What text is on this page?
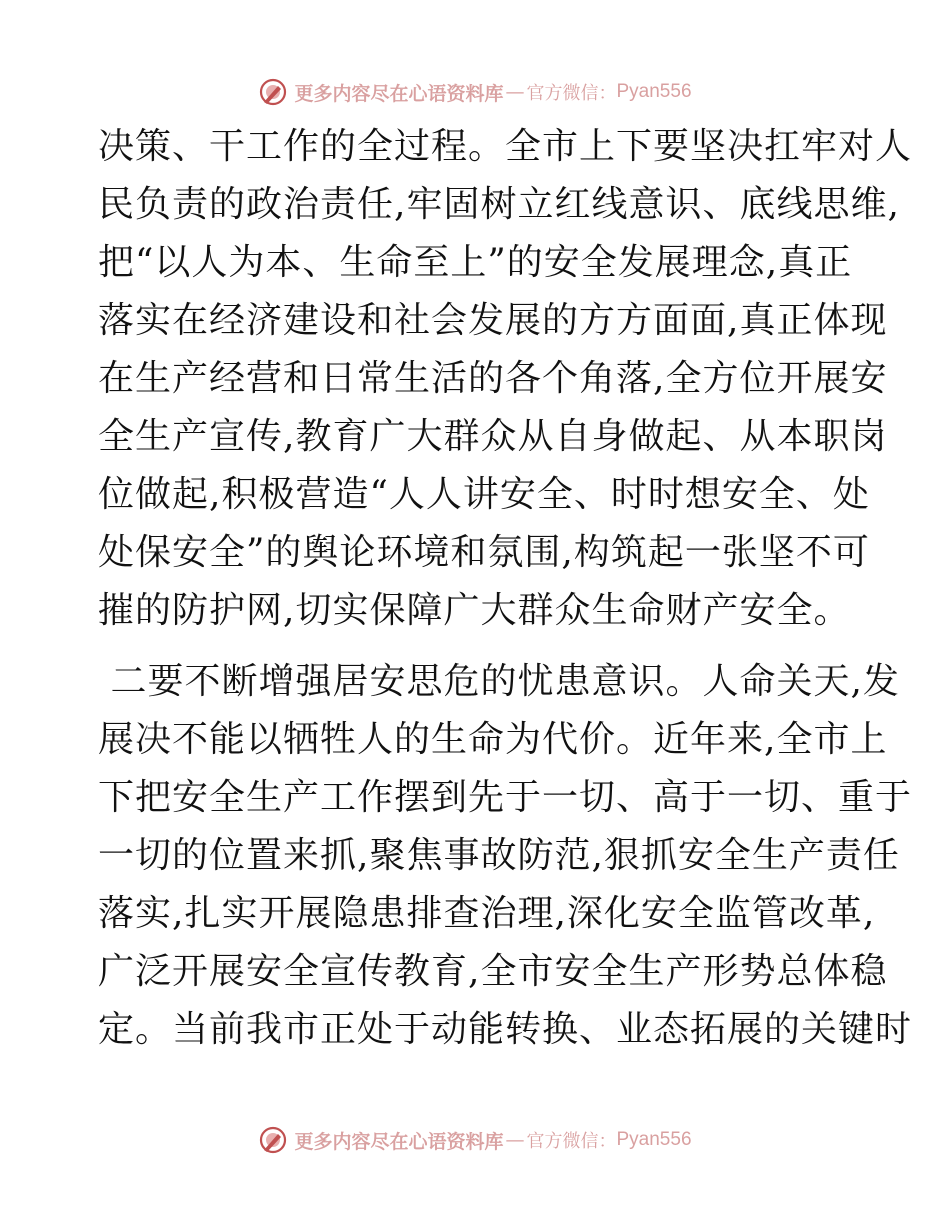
更多内容尽在心语资料库 — 官方微信： Pyan556
决策、干工作的全过程。全市上下要坚决扛牢对人
民负责的政治责任,牢固树立红线意识、底线思维,
把“以人为本、生命至上”的安全发展理念,真正
落实在经济建设和社会发展的方方面面,真正体现
在生产经营和日常生活的各个角落,全方位开展安
全生产宣传,教育广大群众从自身做起、从本职岗
位做起,积极营造“人人讲安全、时时想安全、处
处保安全”的舆论环境和氛围,构筑起一张坚不可
摧的防护网,切实保障广大群众生命财产安全。
二要不断增强居安思危的忧患意识。人命关天,发
展决不能以牺牲人的生命为代价。近年来,全市上
下把安全生产工作摆到先于一切、高于一切、重于
一切的位置来抓,聚焦事故防范,狠抓安全生产责任
落实,扎实开展隐患排查治理,深化安全监管改革,
广泛开展安全宣传教育,全市安全生产形势总体稳
定。当前我市正处于动能转换、业态拓展的关键时
更多内容尽在心语资料库 — 官方微信： Pyan556
